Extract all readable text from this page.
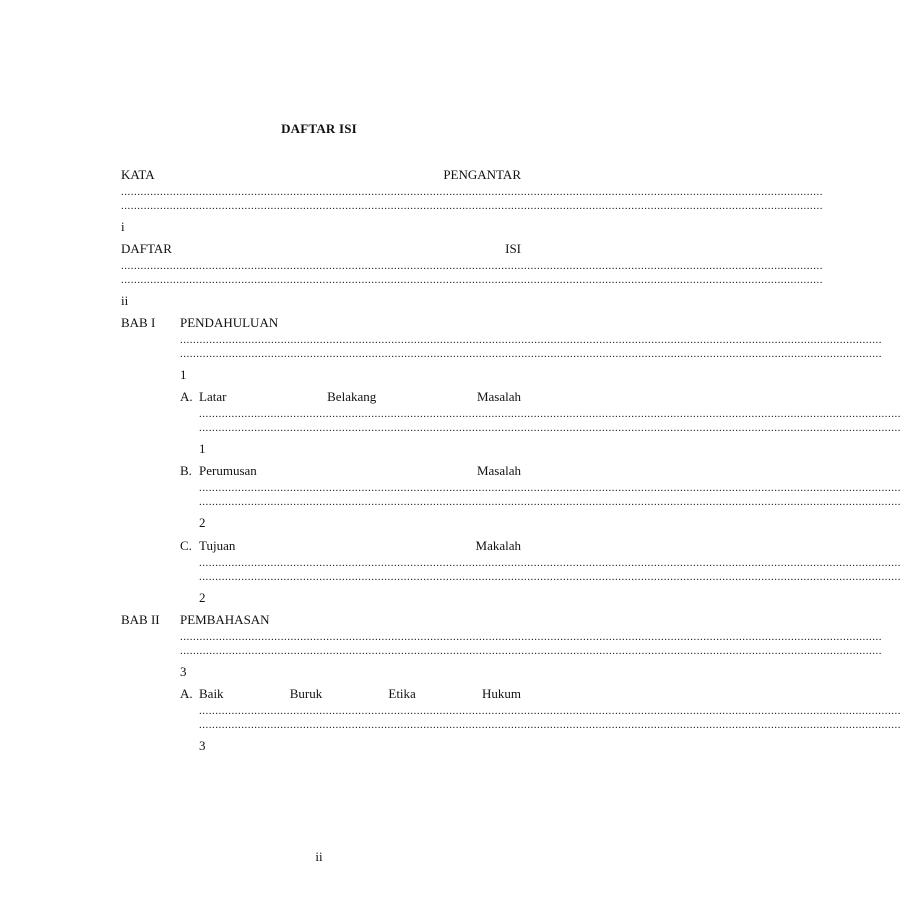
DAFTAR ISI
KATA	PENGANTAR
........................................................................................................................................................................................................................
........................................................................................................................................................................................................................
i
DAFTAR	ISI
........................................................................................................................................................................................................................
........................................................................................................................................................................................................................
ii
BAB I PENDAHULUAN
........................................................................................................................................................................................................................
........................................................................................................................................................................................................................
1
A. Latar	Belakang	Masalah
........................................................................................................................................................................................................................
........................................................................................................................................................................................................................
1
B. Perumusan	Masalah
........................................................................................................................................................................................................................
........................................................................................................................................................................................................................
2
C. Tujuan	Makalah
........................................................................................................................................................................................................................
........................................................................................................................................................................................................................
2
BAB II PEMBAHASAN
........................................................................................................................................................................................................................
........................................................................................................................................................................................................................
3
A. Baik	Buruk	Etika	Hukum
........................................................................................................................................................................................................................
........................................................................................................................................................................................................................
3
ii
